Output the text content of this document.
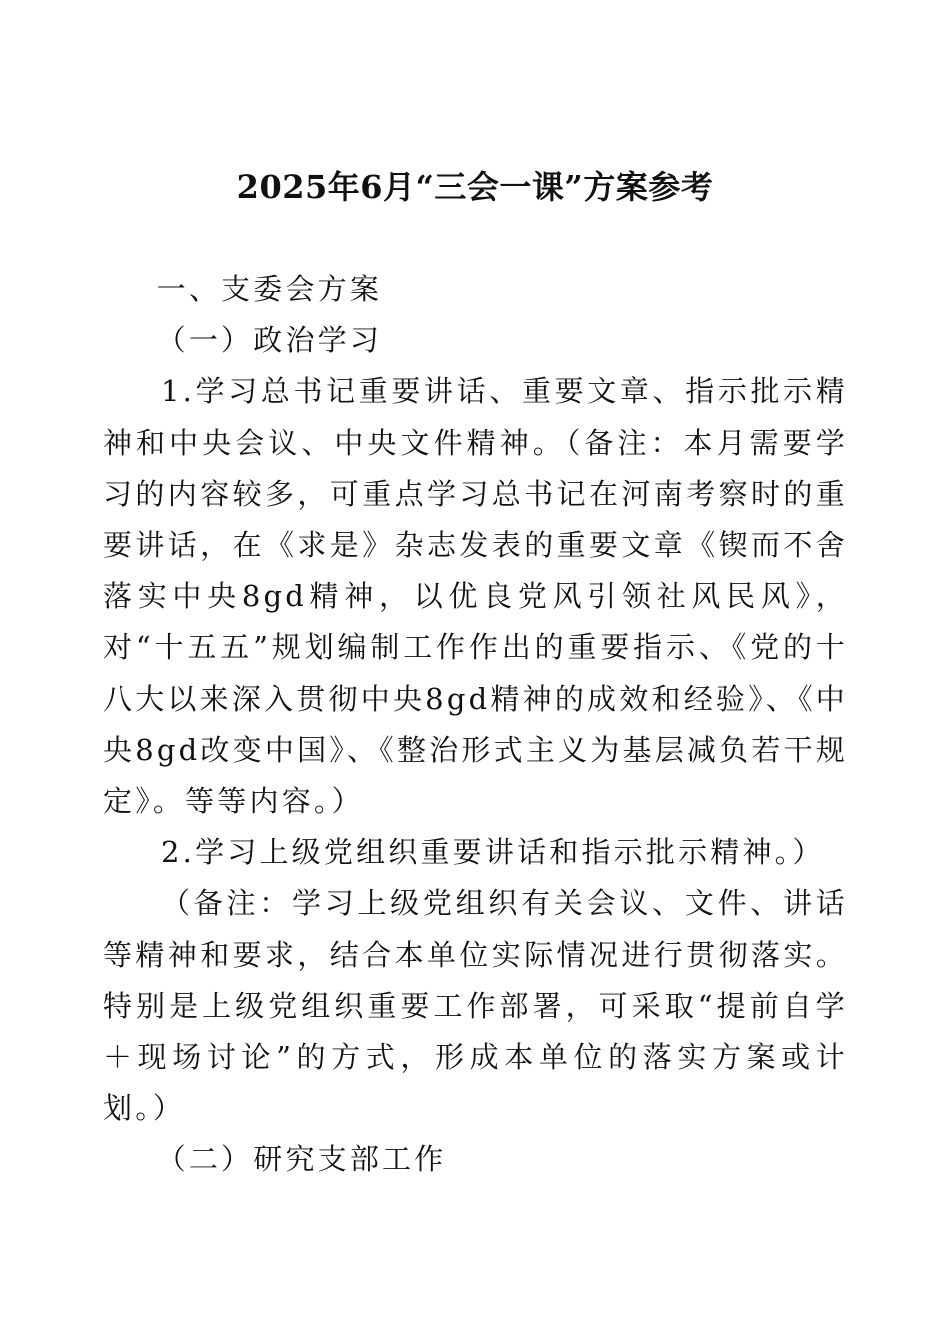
2025年6月“三会一课”方案参考

一、支委会方案

（一）政治学习

1.学习总书记重要讲话、重要文章、指示批示精神和中央会议、中央文件精神。（备注：本月需要学习的内容较多，可重点学习总书记在河南考察时的重要讲话，在《求是》杂志发表的重要文章《锲而不舍落实中央8gd精神，以优良党风引领社风民风》，对“十五五”规划编制工作作出的重要指示、《党的十八大以来深入贯彻中央8gd精神的成效和经验》、《中央8gd改变中国》、《整治形式主义为基层减负若干规定》。等等内容。）

2.学习上级党组织重要讲话和指示批示精神。）

（备注：学习上级党组织有关会议、文件、讲话等精神和要求，结合本单位实际情况进行贯彻落实。特别是上级党组织重要工作部署，可采取“提前自学＋现场讨论”的方式，形成本单位的落实方案或计划。）

（二）研究支部工作
